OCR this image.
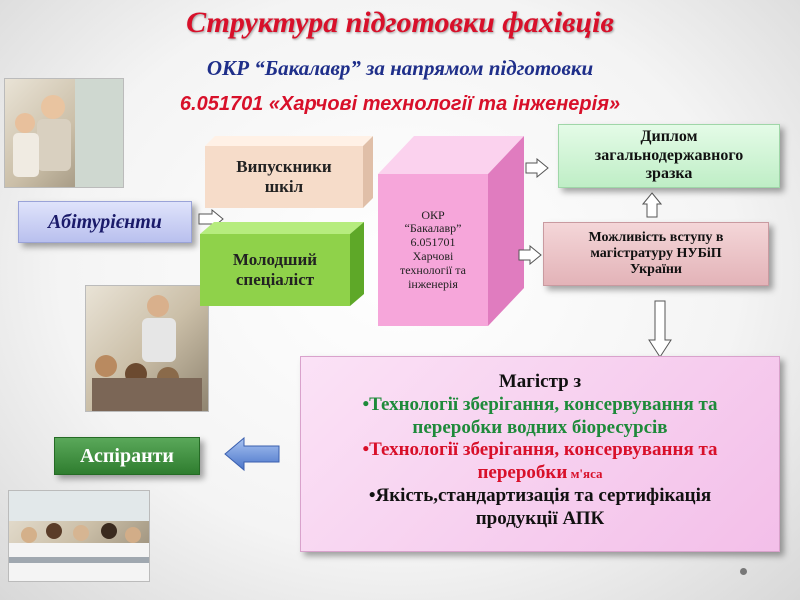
Структура підготовки фахівців
ОКР “Бакалавр” за напрямом підготовки
6.051701 «Харчові технології та інженерія»
Абітурієнти
Випускники
шкіл
Молодший
спеціаліст
ОКР
“Бакалавр”
6.051701
Харчові
технології та
інженерія
Диплом
загальнодержавного
зразка
Можливість вступу в
магістратуру НУБіП
України
Магістр з
•Технології зберігання, консервування та
переробки водних біоресурсів
•Технології зберігання, консервування та
переробки м'яса
•Якість,стандартизація та сертифікація
продукції АПК
Аспіранти
